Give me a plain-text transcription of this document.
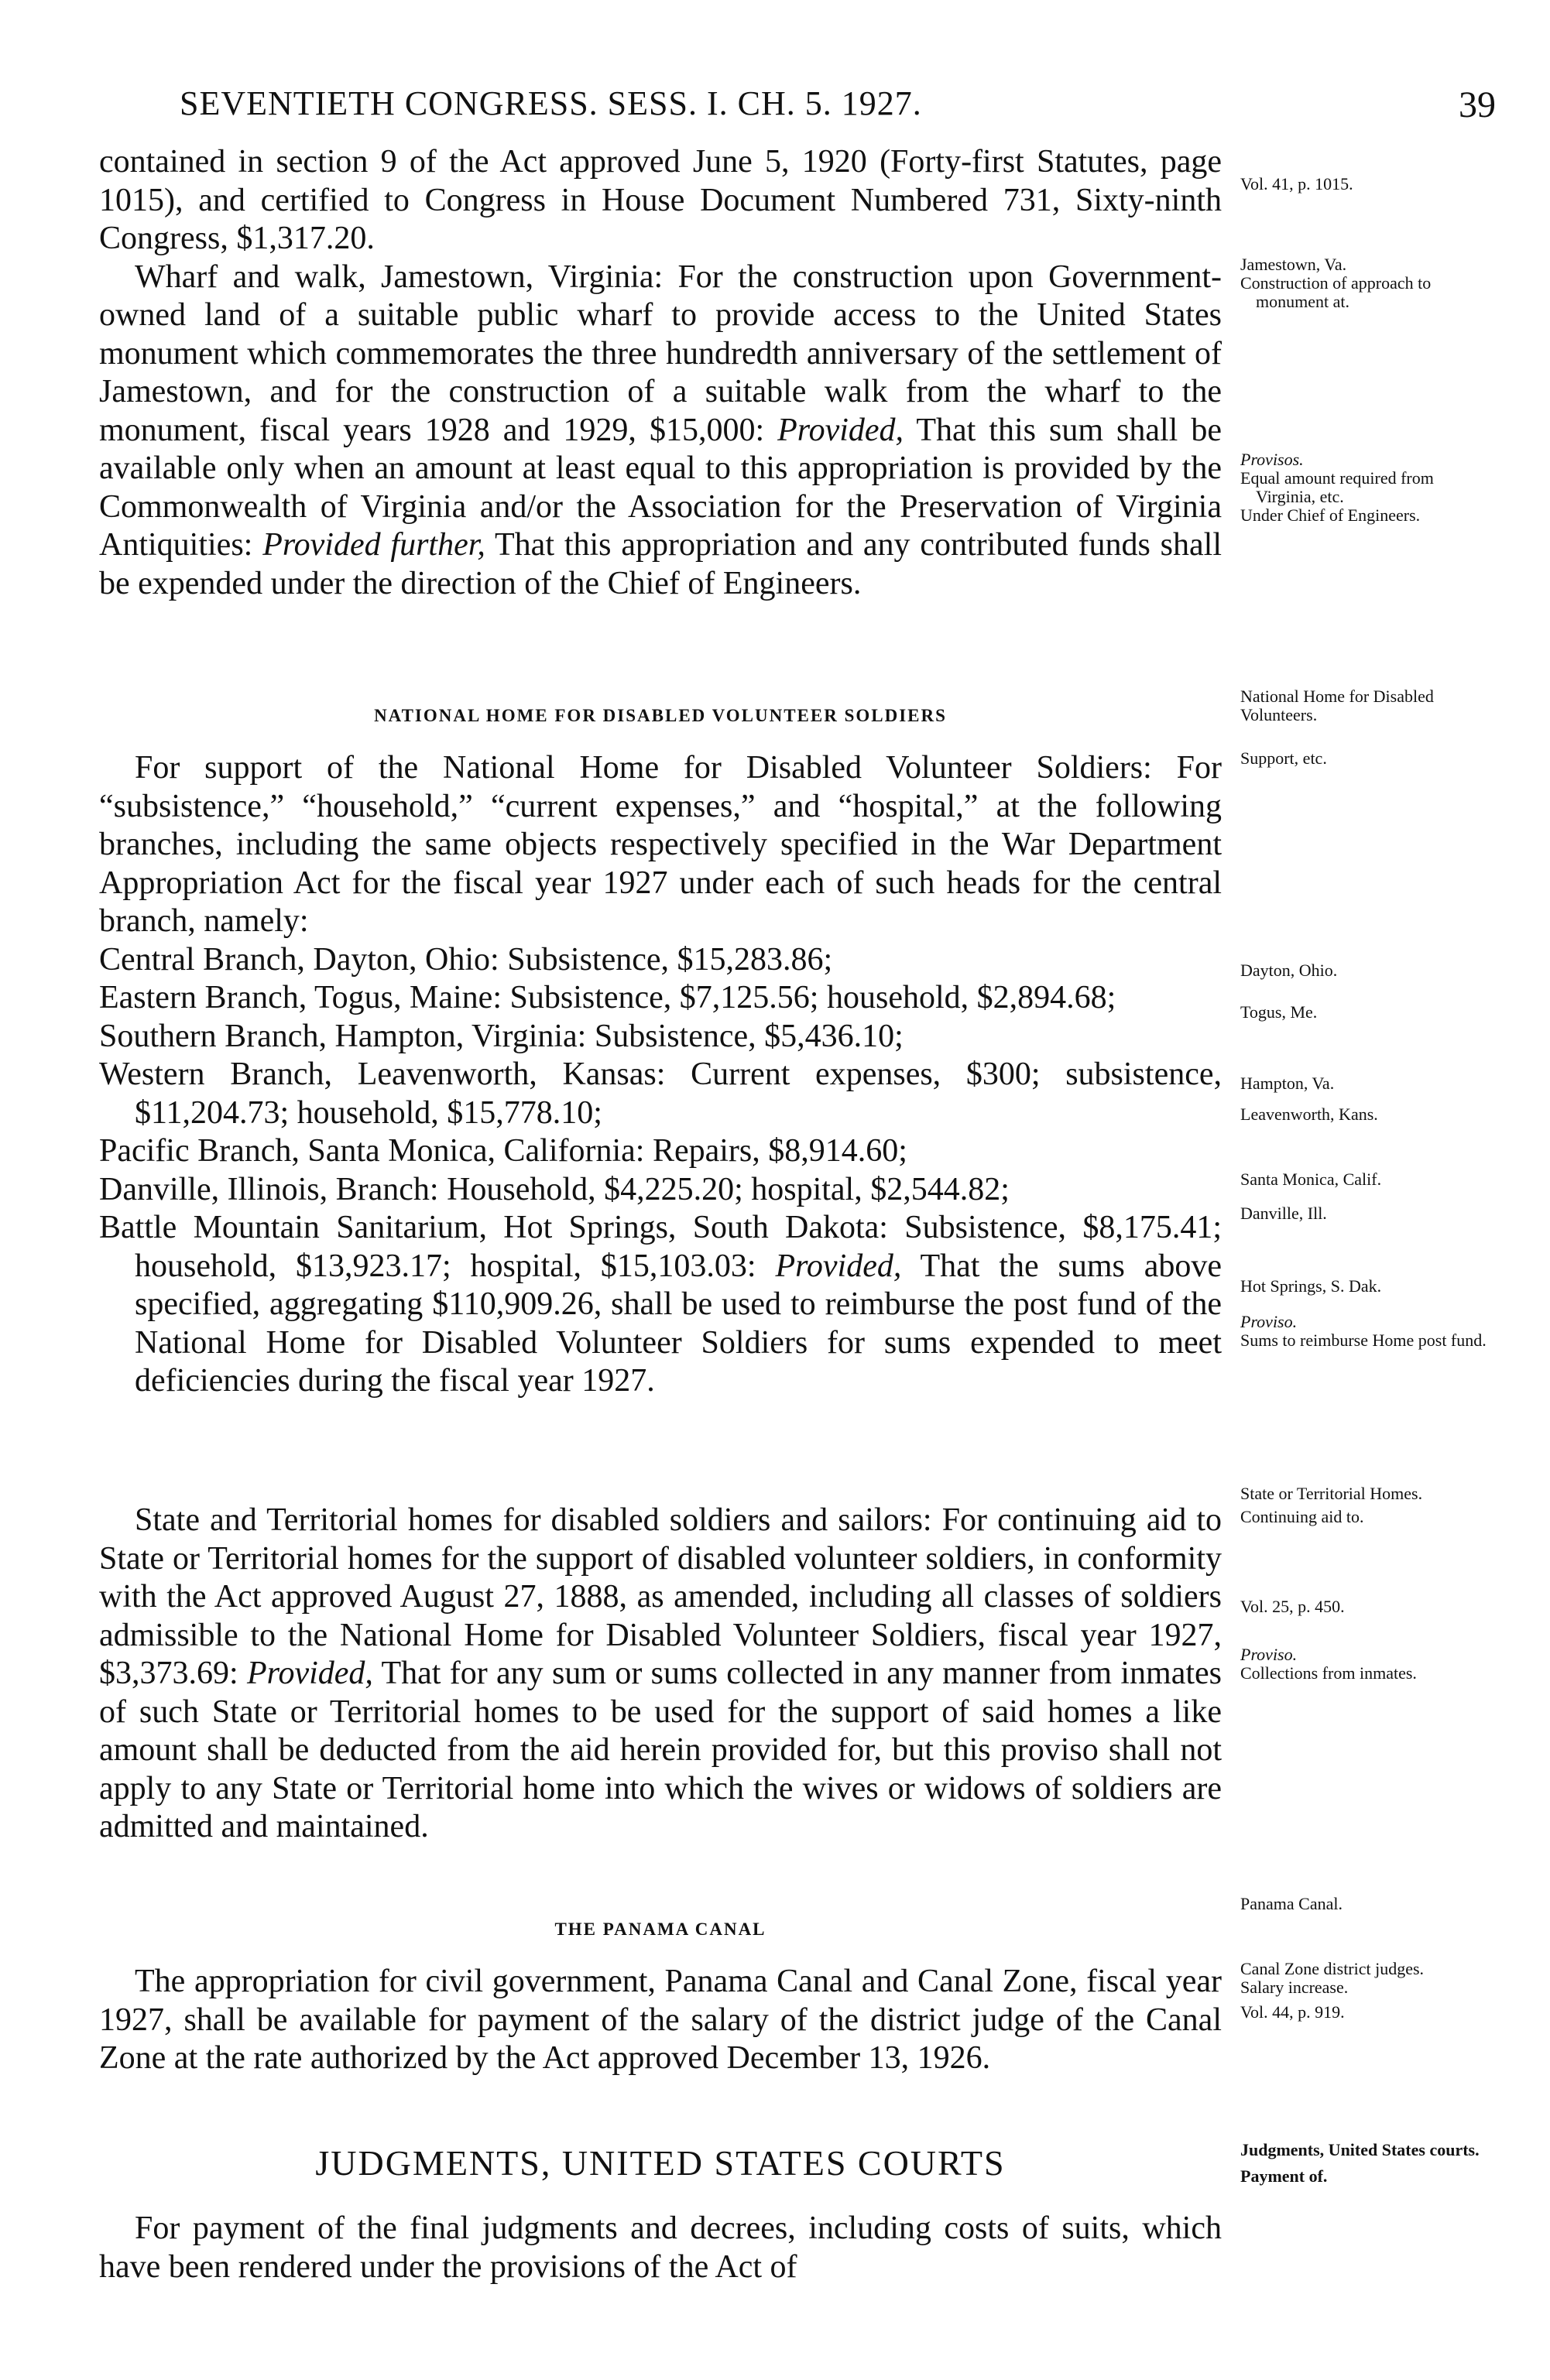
SEVENTIETH CONGRESS. SESS. I. CH. 5. 1927.	39

contained in section 9 of the Act approved June 5, 1920 (Forty-first Statutes, page 1015), and certified to Congress in House Document Numbered 731, Sixty-ninth Congress, $1,317.20.

Wharf and walk, Jamestown, Virginia: For the construction upon Government-owned land of a suitable public wharf to provide access to the United States monument which commemorates the three hundredth anniversary of the settlement of Jamestown, and for the construction of a suitable walk from the wharf to the monument, fiscal years 1928 and 1929, $15,000: Provided, That this sum shall be available only when an amount at least equal to this appropriation is provided by the Commonwealth of Virginia and/or the Association for the Preservation of Virginia Antiquities: Provided further, That this appropriation and any contributed funds shall be expended under the direction of the Chief of Engineers.

NATIONAL HOME FOR DISABLED VOLUNTEER SOLDIERS

For support of the National Home for Disabled Volunteer Soldiers: For “subsistence,” “household,” “current expenses,” and “hospital,” at the following branches, including the same objects respectively specified in the War Department Appropriation Act for the fiscal year 1927 under each of such heads for the central branch, namely:

Central Branch, Dayton, Ohio: Subsistence, $15,283.86;

Eastern Branch, Togus, Maine: Subsistence, $7,125.56; household, $2,894.68;

Southern Branch, Hampton, Virginia: Subsistence, $5,436.10;

Western Branch, Leavenworth, Kansas: Current expenses, $300; subsistence, $11,204.73; household, $15,778.10;

Pacific Branch, Santa Monica, California: Repairs, $8,914.60;

Danville, Illinois, Branch: Household, $4,225.20; hospital, $2,544.82;

Battle Mountain Sanitarium, Hot Springs, South Dakota: Subsistence, $8,175.41; household, $13,923.17; hospital, $15,103.03: Provided, That the sums above specified, aggregating $110,909.26, shall be used to reimburse the post fund of the National Home for Disabled Volunteer Soldiers for sums expended to meet deficiencies during the fiscal year 1927.

State and Territorial homes for disabled soldiers and sailors: For continuing aid to State or Territorial homes for the support of disabled volunteer soldiers, in conformity with the Act approved August 27, 1888, as amended, including all classes of soldiers admissible to the National Home for Disabled Volunteer Soldiers, fiscal year 1927, $3,373.69: Provided, That for any sum or sums collected in any manner from inmates of such State or Territorial homes to be used for the support of said homes a like amount shall be deducted from the aid herein provided for, but this proviso shall not apply to any State or Territorial home into which the wives or widows of soldiers are admitted and maintained.

THE PANAMA CANAL

The appropriation for civil government, Panama Canal and Canal Zone, fiscal year 1927, shall be available for payment of the salary of the district judge of the Canal Zone at the rate authorized by the Act approved December 13, 1926.

JUDGMENTS, UNITED STATES COURTS

For payment of the final judgments and decrees, including costs of suits, which have been rendered under the provisions of the Act of

Vol. 41, p. 1015.

Jamestown, Va.

Construction of approach to monument at.

Provisos.

Equal amount required from Virginia, etc.

Under Chief of Engineers.

National Home for Disabled Volunteers.

Support, etc.

Dayton, Ohio.

Togus, Me.

Hampton, Va.

Leavenworth, Kans.

Santa Monica, Calif.

Danville, Ill.

Hot Springs, S. Dak.

Proviso.

Sums to reimburse Home post fund.

State or Territorial Homes.

Continuing aid to.

Vol. 25, p. 450.

Proviso.

Collections from inmates.

Panama Canal.

Canal Zone district judges.

Salary increase.

Vol. 44, p. 919.

Judgments, United States courts.

Payment of.
